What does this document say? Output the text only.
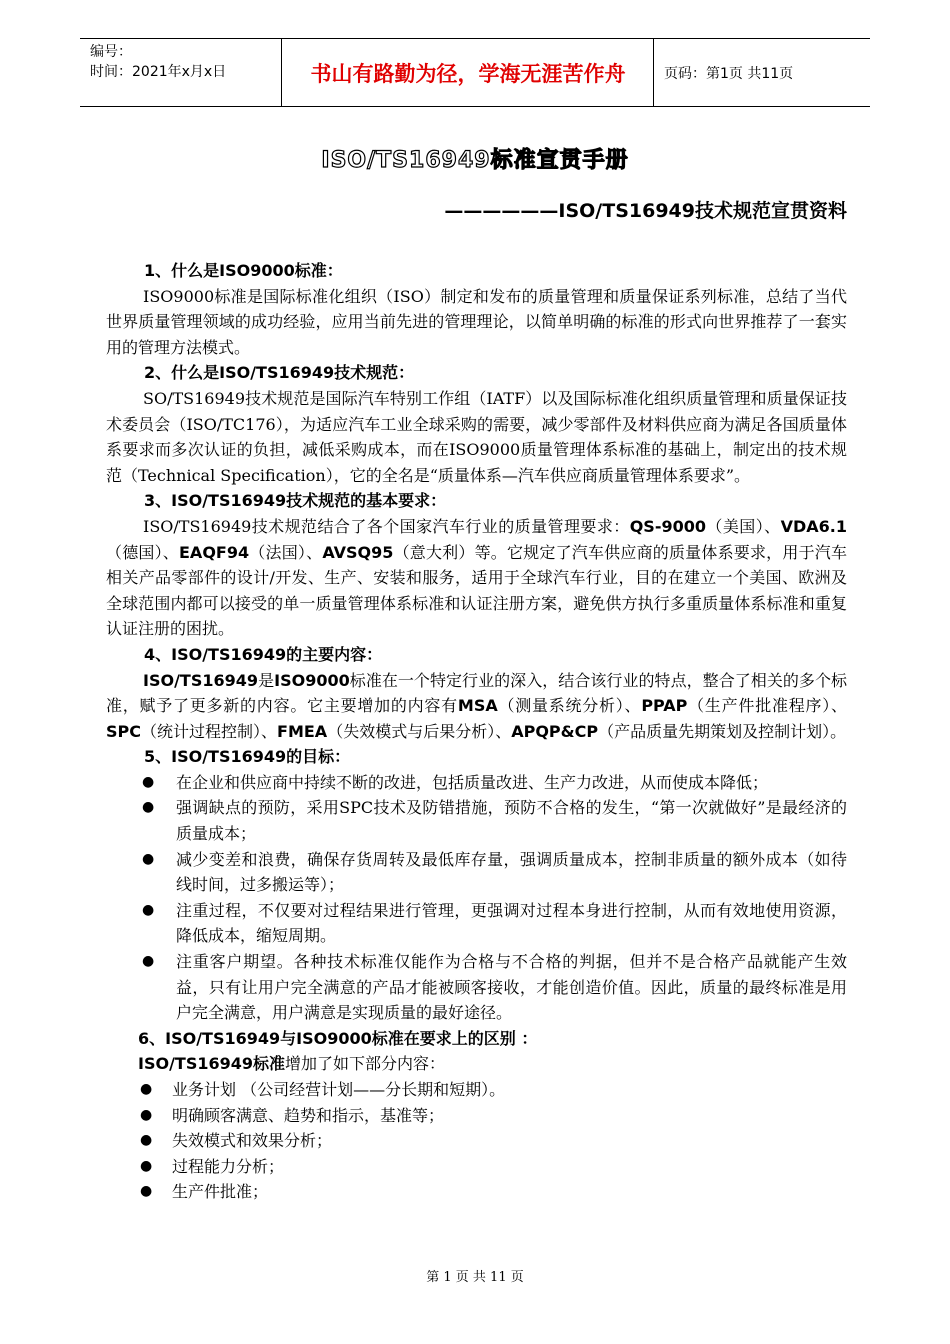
编号：
时间：2021年x月x日	书山有路勤为径，学海无涯苦作舟	页码：第1页 共11页
ISO/TS16949标准宣贯手册
——————ISO/TS16949技术规范宣贯资料

1、什么是ISO9000标准：

ISO9000标准是国际标准化组织（ISO）制定和发布的质量管理和质量保证系列标准，总结了当代世界质量管理领域的成功经验，应用当前先进的管理理论，以简单明确的标准的形式向世界推荐了一套实用的管理方法模式。

2、什么是ISO/TS16949技术规范：

SO/TS16949技术规范是国际汽车特别工作组（IATF）以及国际标准化组织质量管理和质量保证技术委员会（ISO/TC176），为适应汽车工业全球采购的需要，减少零部件及材料供应商为满足各国质量体系要求而多次认证的负担，减低采购成本，而在ISO9000质量管理体系标准的基础上，制定出的技术规范（Technical Specification），它的全名是“质量体系—汽车供应商质量管理体系要求”。

3、ISO/TS16949技术规范的基本要求：

ISO/TS16949技术规范结合了各个国家汽车行业的质量管理要求：QS-9000（美国）、VDA6.1（德国）、EAQF94（法国）、AVSQ95（意大利）等。它规定了汽车供应商的质量体系要求，用于汽车相关产品零部件的设计/开发、生产、安装和服务，适用于全球汽车行业，目的在建立一个美国、欧洲及全球范围内都可以接受的单一质量管理体系标准和认证注册方案，避免供方执行多重质量体系标准和重复认证注册的困扰。

4、ISO/TS16949的主要内容：

ISO/TS16949是ISO9000标准在一个特定行业的深入，结合该行业的特点，整合了相关的多个标准，赋予了更多新的内容。它主要增加的内容有MSA（测量系统分析）、PPAP（生产件批准程序）、SPC（统计过程控制）、FMEA（失效模式与后果分析）、APQP&CP（产品质量先期策划及控制计划）。

5、ISO/TS16949的目标：

● 在企业和供应商中持续不断的改进，包括质量改进、生产力改进，从而使成本降低；
● 强调缺点的预防，采用SPC技术及防错措施，预防不合格的发生，“第一次就做好”是最经济的质量成本；
● 减少变差和浪费，确保存货周转及最低库存量，强调质量成本，控制非质量的额外成本（如待线时间，过多搬运等）；
● 注重过程，不仅要对过程结果进行管理，更强调对过程本身进行控制，从而有效地使用资源，降低成本，缩短周期。
● 注重客户期望。各种技术标准仅能作为合格与不合格的判据，但并不是合格产品就能产生效益，只有让用户完全满意的产品才能被顾客接收，才能创造价值。因此，质量的最终标准是用户完全满意，用户满意是实现质量的最好途径。

6、ISO/TS16949与ISO9000标准在要求上的区别 ：

ISO/TS16949标准增加了如下部分内容：

● 业务计划 （公司经营计划——分长期和短期）。
● 明确顾客满意、趋势和指示，基准等；
● 失效模式和效果分析；
● 过程能力分析；
● 生产件批准；
第 1 页 共 11 页
